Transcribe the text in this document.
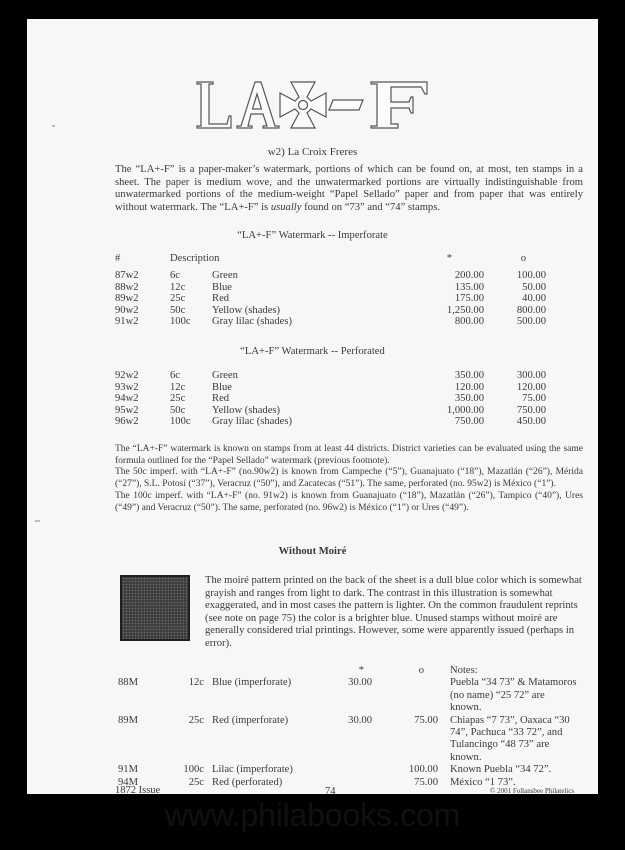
w2) La Croix Freres
The “LA+-F” is a paper-maker’s watermark, portions of which can be found on, at most, ten stamps in a sheet. The paper is medium wove, and the unwatermarked portions are virtually indistinguishable from unwatermarked portions of the medium-weight “Papel Sellado” paper and from paper that was entirely without watermark. The “LA+-F” is usually found on “73” and “74” stamps.
“LA+-F” Watermark -- Imperforate
#	Description	*	o
87w2	6c	Green	200.00	100.00
88w2	12c	Blue	135.00	50.00
89w2	25c	Red	175.00	40.00
90w2	50c	Yellow (shades)	1,250.00	800.00
91w2	100c	Gray lilac (shades)	800.00	500.00
“LA+-F” Watermark -- Perforated
92w2	6c	Green	350.00	300.00
93w2	12c	Blue	120.00	120.00
94w2	25c	Red	350.00	75.00
95w2	50c	Yellow (shades)	1,000.00	750.00
96w2	100c	Gray lilac (shades)	750.00	450.00

The “LA+-F” watermark is known on stamps from at least 44 districts. District varieties can be evaluated using the same formula outlined for the “Papel Sellado” watermark (previous footnote).

The 50c imperf. with “LA+-F” (no.90w2) is known from Campeche (“5”), Guanajuato (“18”), Mazatlán (“26”), Mérida (“27”), S.L. Potosí (“37”), Veracruz (“50”), and Zacatecas (“51”). The same, perforated (no. 95w2) is México (“1”).

The 100c imperf. with “LA+-F” (no. 91w2) is known from Guanajuato (“18”), Mazatlán (“26”), Tampico (“40”), Ures (“49”) and Veracruz (“50”). The same, perforated (no. 96w2) is México (“1”) or Ures (“49”).

Without Moiré
The moiré pattern printed on the back of the sheet is a dull blue color which is somewhat grayish and ranges from light to dark. The contrast in this illustration is somewhat exaggerated, and in most cases the pattern is lighter. On the common fraudulent reprints (see note on page 75) the color is a brighter blue. Unused stamps without moiré are generally considered trial printings. However, some were apparently issued (perhaps in error).
			*	o	Notes:
88M	12c	Blue (imperforate)	30.00		Puebla “34 73” & Matamoros (no name) “25 72” are known.
89M	25c	Red (imperforate)	30.00	75.00	Chiapas “7 73”, Oaxaca “30 74”, Pachuca “33 72”, and Tulancingo “48 73” are known.
91M	100c	Lilac (imperforate)		100.00	Known Puebla “34 72”.
94M	25c	Red (perforated)		75.00	México “1 73”.
1872 Issue	74	© 2001 Follansbee Philatelics
www.philabooks.com
